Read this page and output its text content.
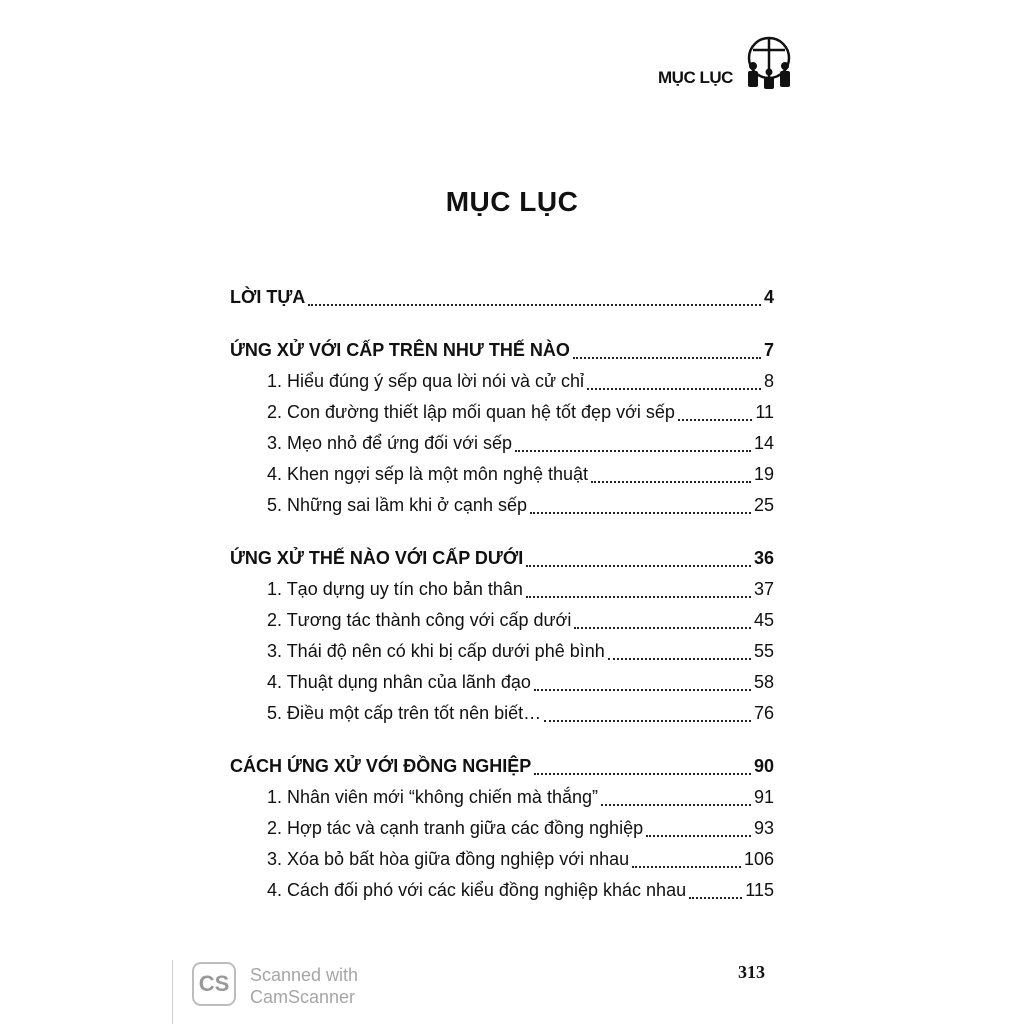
MỤC LỤC
MỤC LỤC
LỜI TỰA	4
ỨNG XỬ VỚI CẤP TRÊN NHƯ THẾ NÀO	7
1. Hiểu đúng ý sếp qua lời nói và cử chỉ	8
2. Con đường thiết lập mối quan hệ tốt đẹp với sếp	11
3. Mẹo nhỏ để ứng đối với sếp	14
4. Khen ngợi sếp là một môn nghệ thuật	19
5. Những sai lầm khi ở cạnh sếp	25
ỨNG XỬ THẾ NÀO VỚI CẤP DƯỚI	36
1. Tạo dựng uy tín cho bản thân	37
2. Tương tác thành công với cấp dưới	45
3. Thái độ nên có khi bị cấp dưới phê bình	55
4. Thuật dụng nhân của lãnh đạo	58
5. Điều một cấp trên tốt nên biết…	76
CÁCH ỨNG XỬ VỚI ĐỒNG NGHIỆP	90
1. Nhân viên mới “không chiến mà thắng”	91
2. Hợp tác và cạnh tranh giữa các đồng nghiệp	93
3. Xóa bỏ bất hòa giữa đồng nghiệp với nhau	106
4. Cách đối phó với các kiểu đồng nghiệp khác nhau	115
CS	Scanned with
CamScanner
313
